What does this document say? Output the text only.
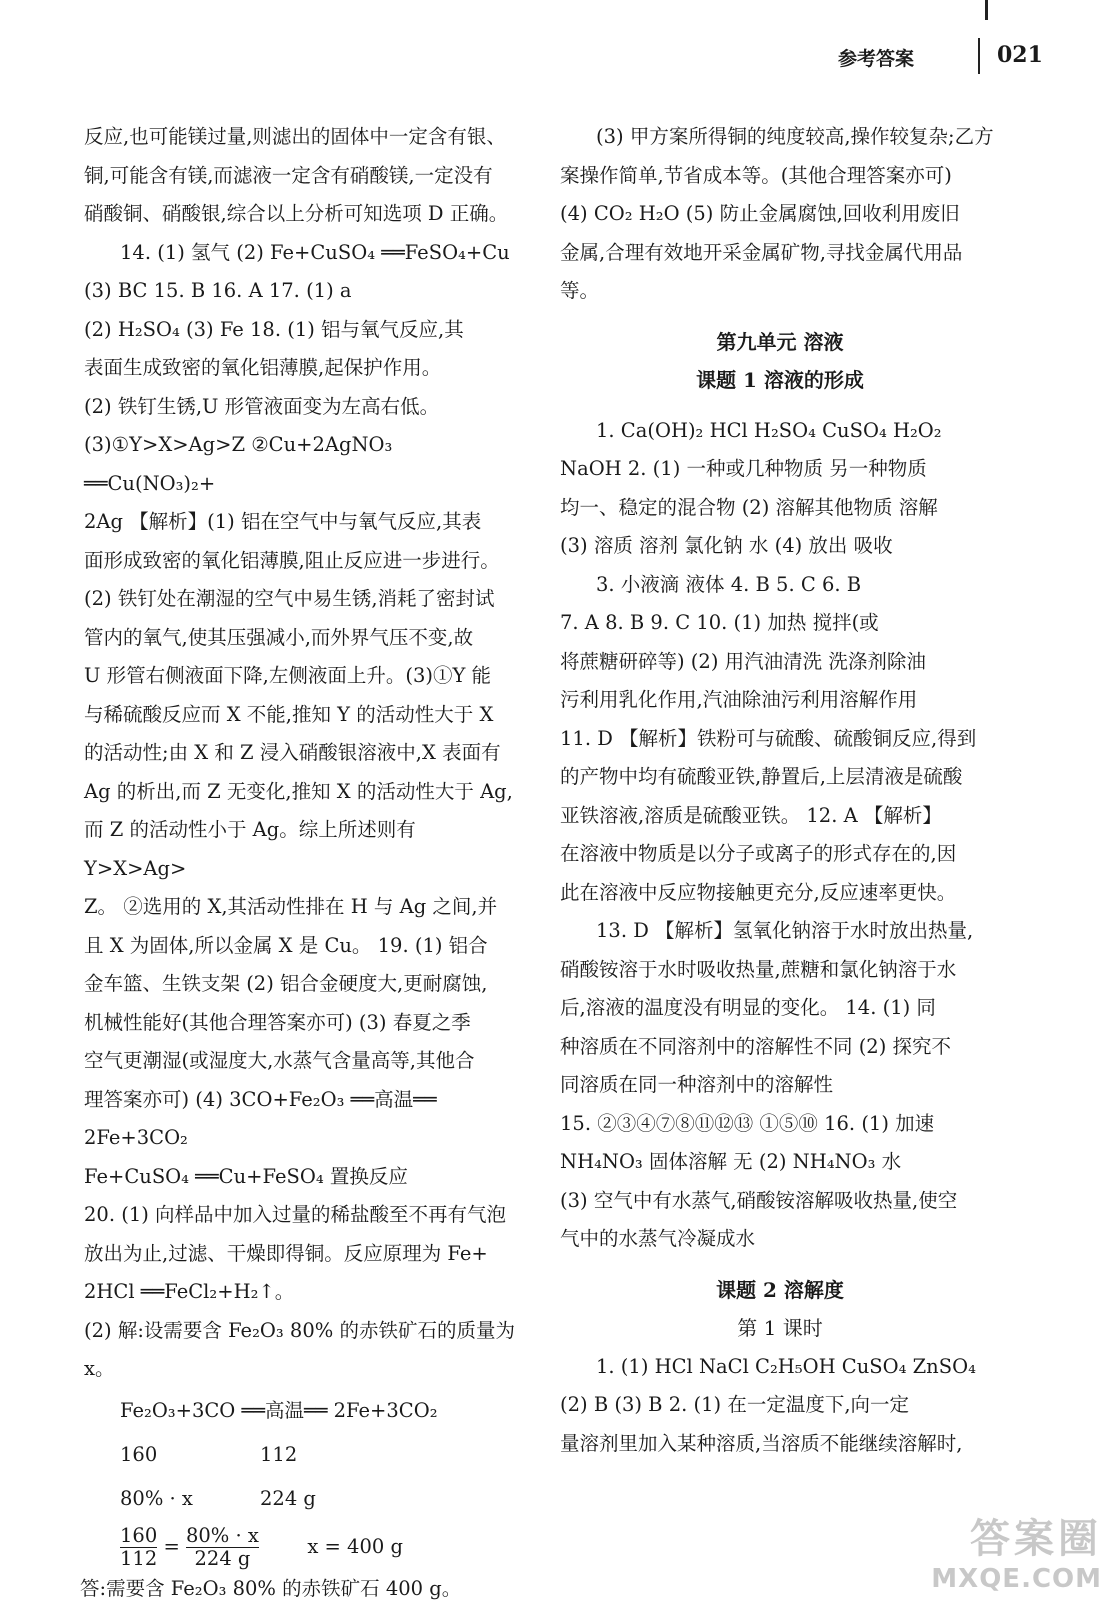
参考答案	021

反应,也可能镁过量,则滤出的固体中一定含有银、

铜,可能含有镁,而滤液一定含有硝酸镁,一定没有

硝酸铜、硝酸银,综合以上分析可知选项 D 正确。

14. (1) 氢气 (2) Fe+CuSO₄ ══FeSO₄+Cu

(3) BC 15. B 16. A 17. (1) a

(2) H₂SO₄ (3) Fe 18. (1) 铝与氧气反应,其

表面生成致密的氧化铝薄膜,起保护作用。

(2) 铁钉生锈,U 形管液面变为左高右低。

(3)①Y>X>Ag>Z ②Cu+2AgNO₃ ══Cu(NO₃)₂+

2Ag 【解析】(1) 铝在空气中与氧气反应,其表

面形成致密的氧化铝薄膜,阻止反应进一步进行。

(2) 铁钉处在潮湿的空气中易生锈,消耗了密封试

管内的氧气,使其压强减小,而外界气压不变,故

U 形管右侧液面下降,左侧液面上升。(3)①Y 能

与稀硫酸反应而 X 不能,推知 Y 的活动性大于 X

的活动性;由 X 和 Z 浸入硝酸银溶液中,X 表面有

Ag 的析出,而 Z 无变化,推知 X 的活动性大于 Ag,

而 Z 的活动性小于 Ag。综上所述则有 Y>X>Ag>

Z。 ②选用的 X,其活动性排在 H 与 Ag 之间,并

且 X 为固体,所以金属 X 是 Cu。 19. (1) 铝合

金车篮、生铁支架 (2) 铝合金硬度大,更耐腐蚀,

机械性能好(其他合理答案亦可) (3) 春夏之季

空气更潮湿(或湿度大,水蒸气含量高等,其他合

理答案亦可) (4) 3CO+Fe₂O₃ ══高温══ 2Fe+3CO₂

Fe+CuSO₄ ══Cu+FeSO₄ 置换反应

20. (1) 向样品中加入过量的稀盐酸至不再有气泡

放出为止,过滤、干燥即得铜。反应原理为 Fe+

2HCl ══FeCl₂+H₂↑。

(2) 解:设需要含 Fe₂O₃ 80% 的赤铁矿石的质量为

x。

Fe₂O₃+3CO ══高温══ 2Fe+3CO₂
160	112
80% · x	224 g
$\frac{160}{112} = \frac{80\% \cdot x}{224 g}$ x = 400 g

答:需要含 Fe₂O₃ 80% 的赤铁矿石 400 g。

(3) 甲方案所得铜的纯度较高,操作较复杂;乙方

案操作简单,节省成本等。(其他合理答案亦可)

(4) CO₂ H₂O (5) 防止金属腐蚀,回收利用废旧

金属,合理有效地开采金属矿物,寻找金属代用品

等。

第九单元 溶液

课题 1 溶液的形成

1. Ca(OH)₂ HCl H₂SO₄ CuSO₄ H₂O₂

NaOH 2. (1) 一种或几种物质 另一种物质

均一、稳定的混合物 (2) 溶解其他物质 溶解

(3) 溶质 溶剂 氯化钠 水 (4) 放出 吸收

3. 小液滴 液体 4. B 5. C 6. B

7. A 8. B 9. C 10. (1) 加热 搅拌(或

将蔗糖研碎等) (2) 用汽油清洗 洗涤剂除油

污利用乳化作用,汽油除油污利用溶解作用

11. D 【解析】铁粉可与硫酸、硫酸铜反应,得到

的产物中均有硫酸亚铁,静置后,上层清液是硫酸

亚铁溶液,溶质是硫酸亚铁。 12. A 【解析】

在溶液中物质是以分子或离子的形式存在的,因

此在溶液中反应物接触更充分,反应速率更快。

13. D 【解析】氢氧化钠溶于水时放出热量,

硝酸铵溶于水时吸收热量,蔗糖和氯化钠溶于水

后,溶液的温度没有明显的变化。 14. (1) 同

种溶质在不同溶剂中的溶解性不同 (2) 探究不

同溶质在同一种溶剂中的溶解性

15. ②③④⑦⑧⑪⑫⑬ ①⑤⑩ 16. (1) 加速

NH₄NO₃ 固体溶解 无 (2) NH₄NO₃ 水

(3) 空气中有水蒸气,硝酸铵溶解吸收热量,使空

气中的水蒸气冷凝成水

课题 2 溶解度

第 1 课时

1. (1) HCl NaCl C₂H₅OH CuSO₄ ZnSO₄

(2) B (3) B 2. (1) 在一定温度下,向一定

量溶剂里加入某种溶质,当溶质不能继续溶解时,

答案圈
MXQE.COM
